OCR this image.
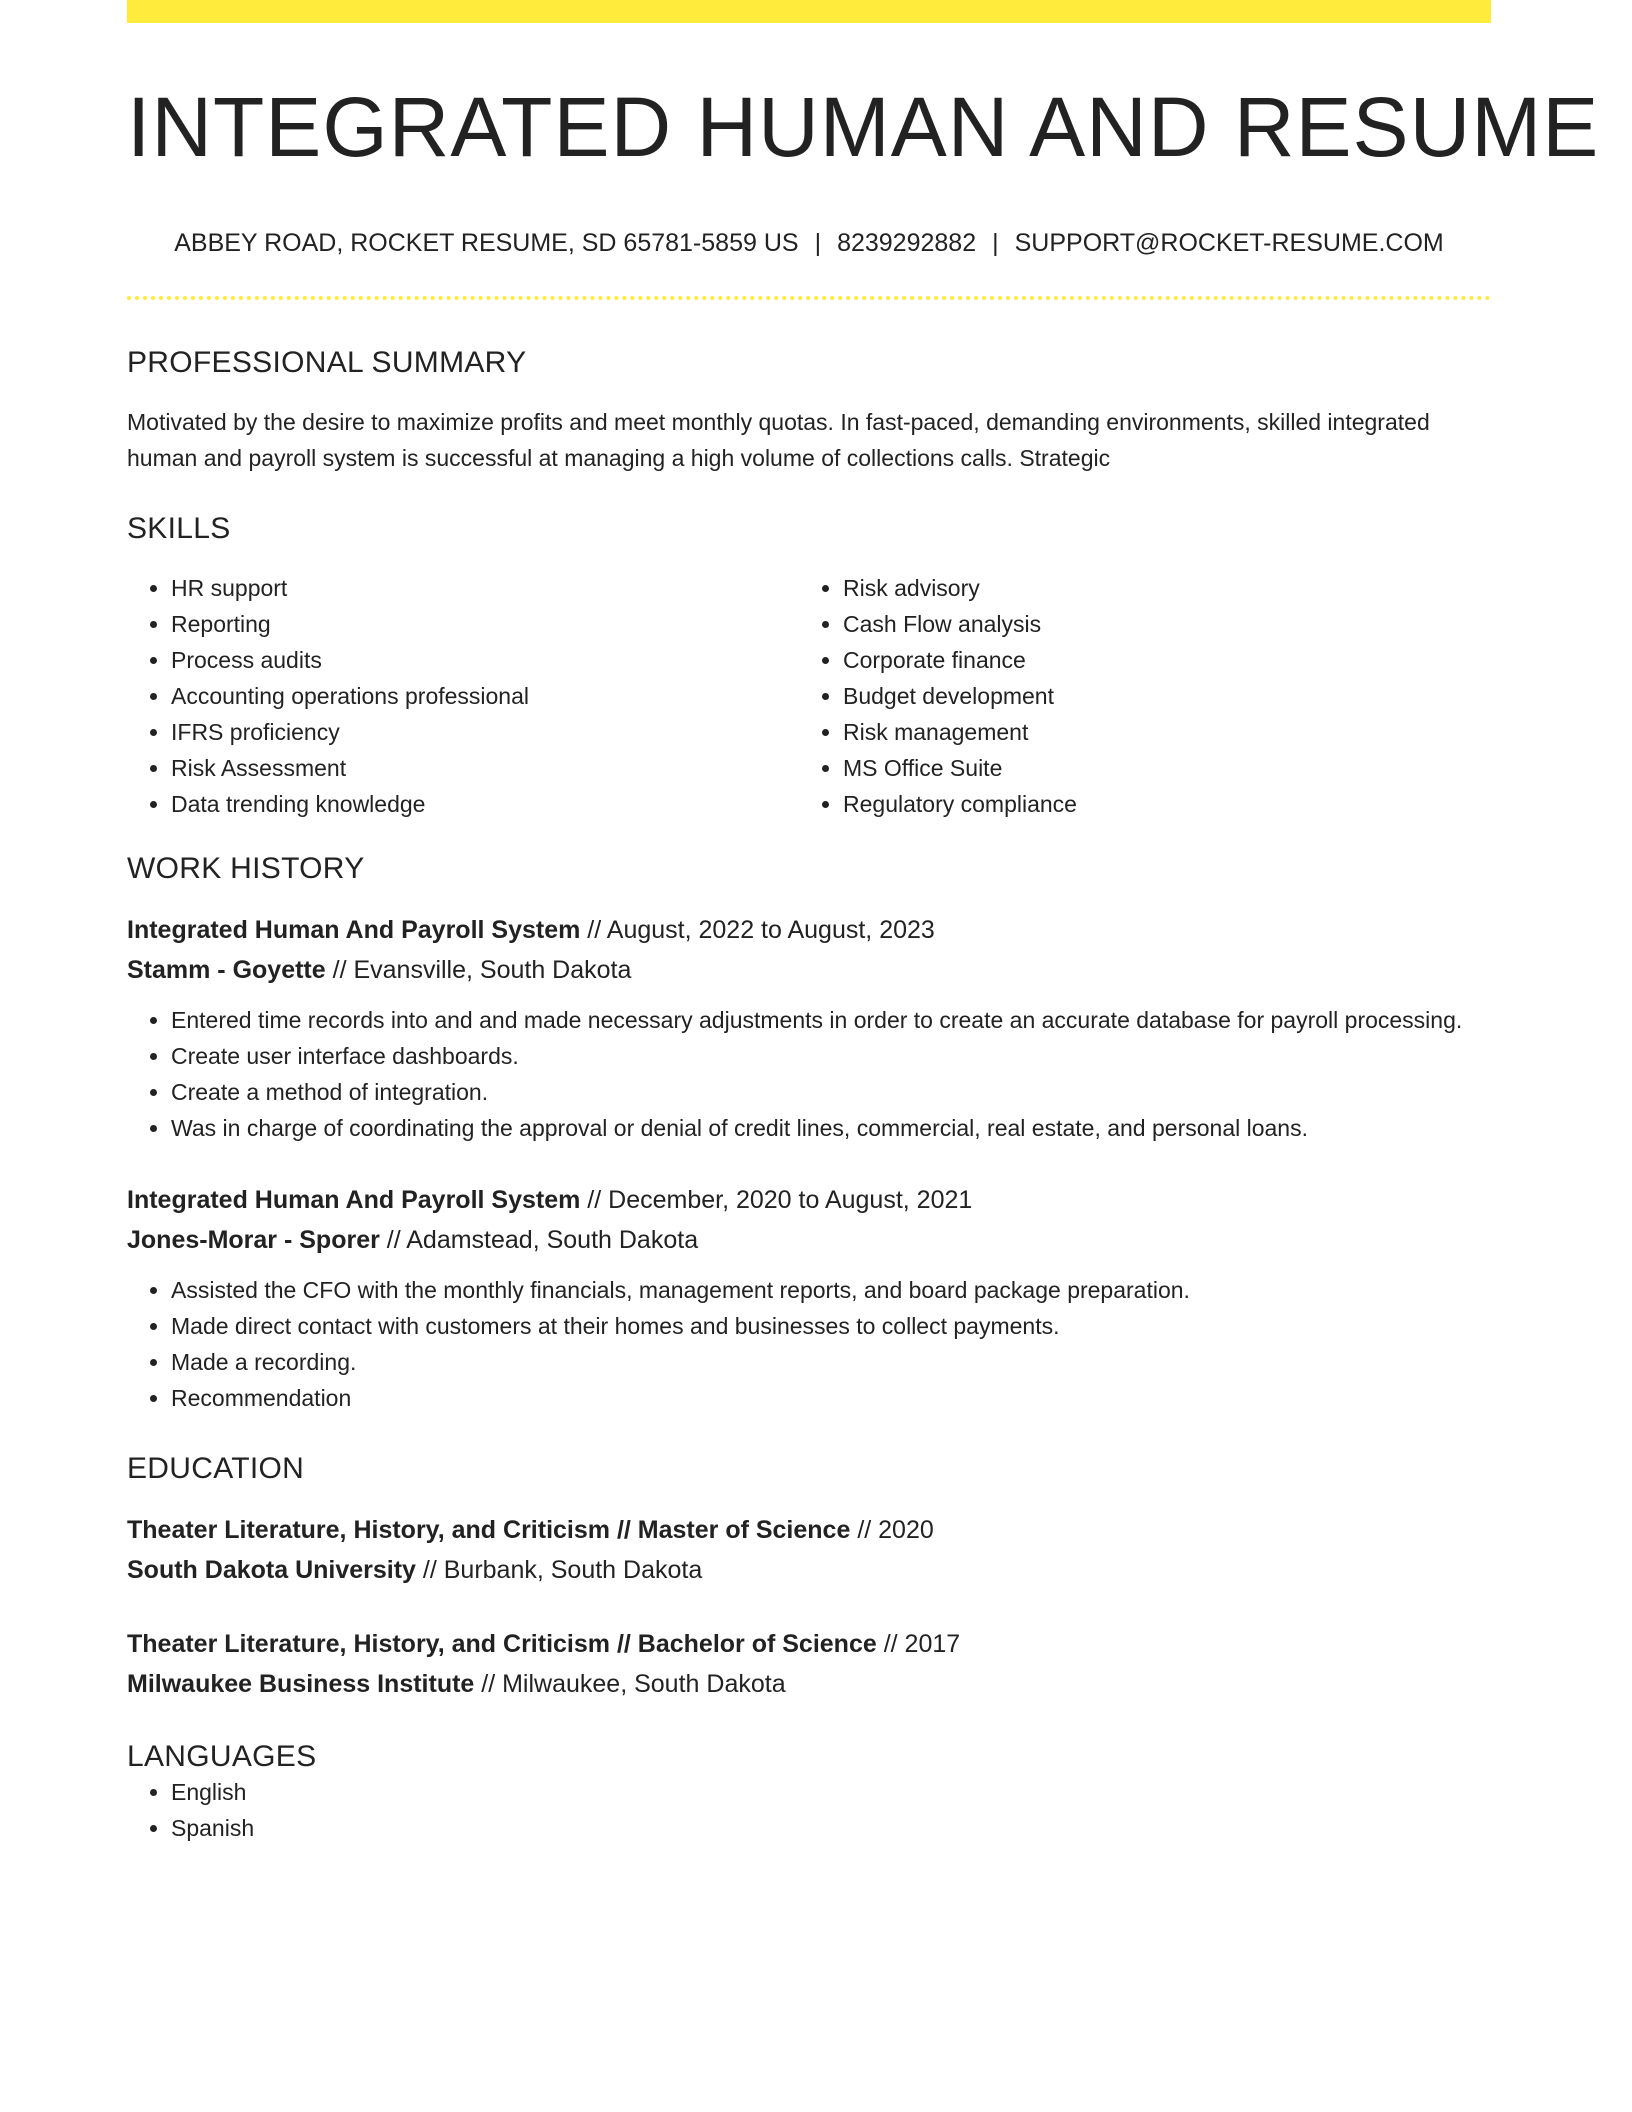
INTEGRATED HUMAN AND RESUME
ABBEY ROAD, ROCKET RESUME, SD 65781-5859 US | 8239292882 | SUPPORT@ROCKET-RESUME.COM
PROFESSIONAL SUMMARY
Motivated by the desire to maximize profits and meet monthly quotas. In fast-paced, demanding environments, skilled integrated human and payroll system is successful at managing a high volume of collections calls. Strategic
SKILLS
• HR support
• Reporting
• Process audits
• Accounting operations professional
• IFRS proficiency
• Risk Assessment
• Data trending knowledge
• Risk advisory
• Cash Flow analysis
• Corporate finance
• Budget development
• Risk management
• MS Office Suite
• Regulatory compliance
WORK HISTORY
Integrated Human And Payroll System // August, 2022 to August, 2023
Stamm - Goyette // Evansville, South Dakota
• Entered time records into and and made necessary adjustments in order to create an accurate database for payroll processing.
• Create user interface dashboards.
• Create a method of integration.
• Was in charge of coordinating the approval or denial of credit lines, commercial, real estate, and personal loans.
Integrated Human And Payroll System // December, 2020 to August, 2021
Jones-Morar - Sporer // Adamstead, South Dakota
• Assisted the CFO with the monthly financials, management reports, and board package preparation.
• Made direct contact with customers at their homes and businesses to collect payments.
• Made a recording.
• Recommendation
EDUCATION
Theater Literature, History, and Criticism // Master of Science // 2020
South Dakota University // Burbank, South Dakota
Theater Literature, History, and Criticism // Bachelor of Science // 2017
Milwaukee Business Institute // Milwaukee, South Dakota
LANGUAGES
• English
• Spanish
